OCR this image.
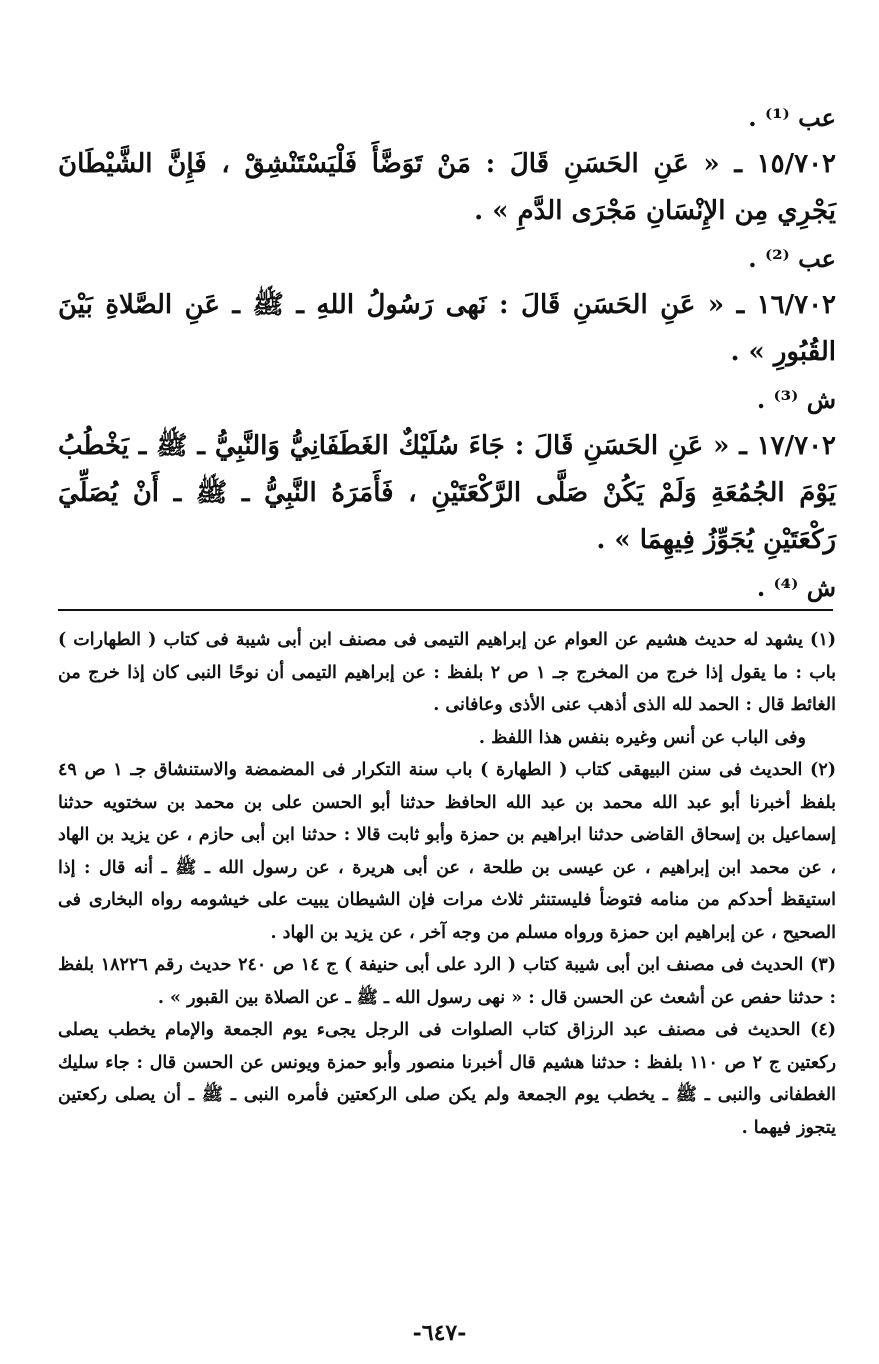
عب ⁽¹⁾ .

١٥/٧٠٢ ـ « عَنِ الحَسَنِ قَالَ : مَنْ تَوَضَّأَ فَلْيَسْتَنْشِقْ ، فَإِنَّ الشَّيْطَانَ يَجْرِي مِن الإِنْسَانِ مَجْرَى الدَّمِ » .

عب ⁽²⁾ .

١٦/٧٠٢ ـ « عَنِ الحَسَنِ قَالَ : نَهى رَسُولُ اللهِ ـ ﷺ ـ عَنِ الصَّلاةِ بَيْنَ القُبُورِ » .

ش ⁽³⁾ .

١٧/٧٠٢ ـ « عَنِ الحَسَنِ قَالَ : جَاءَ سُلَيْكٌ الغَطَفَانِيُّ وَالنَّبِيُّ ـ ﷺ ـ يَخْطُبُ يَوْمَ الجُمُعَةِ وَلَمْ يَكُنْ صَلَّى الرَّكْعَتَيْنِ ، فَأَمَرَهُ النَّبِيُّ ـ ﷺ ـ أَنْ يُصَلِّيَ رَكْعَتَيْنِ يُجَوِّزُ فِيهِمَا » .

ش ⁽⁴⁾ .

(١) يشهد له حديث هشيم عن العوام عن إبراهيم التيمى فى مصنف ابن أبى شيبة فى كتاب ( الطهارات ) باب : ما يقول إذا خرج من المخرج جـ ١ ص ٢ بلفظ : عن إبراهيم التيمى أن نوحًا النبى كان إذا خرج من الغائط قال : الحمد لله الذى أذهب عنى الأذى وعافانى .

وفى الباب عن أنس وغيره بنفس هذا اللفظ .

(٢) الحديث فى سنن البيهقى كتاب ( الطهارة ) باب سنة التكرار فى المضمضة والاستنشاق جـ ١ ص ٤٩ بلفظ أخبرنا أبو عبد الله محمد بن عبد الله الحافظ حدثنا أبو الحسن على بن محمد بن سختويه حدثنا إسماعيل بن إسحاق القاضى حدثنا ابراهيم بن حمزة وأبو ثابت قالا : حدثنا ابن أبى حازم ، عن يزيد بن الهاد ، عن محمد ابن إبراهيم ، عن عيسى بن طلحة ، عن أبى هريرة ، عن رسول الله ـ ﷺ ـ أنه قال : إذا استيقظ أحدكم من منامه فتوضأ فليستنثر ثلاث مرات فإن الشيطان يبيت على خيشومه رواه البخارى فى الصحيح ، عن إبراهيم ابن حمزة ورواه مسلم من وجه آخر ، عن يزيد بن الهاد .

(٣) الحديث فى مصنف ابن أبى شيبة كتاب ( الرد على أبى حنيفة ) ج ١٤ ص ٢٤٠ حديث رقم ١٨٢٢٦ بلفظ : حدثنا حفص عن أشعث عن الحسن قال : « نهى رسول الله ـ ﷺ ـ عن الصلاة بين القبور » .

(٤) الحديث فى مصنف عبد الرزاق كتاب الصلوات فى الرجل يجىء يوم الجمعة والإمام يخطب يصلى ركعتين ج ٢ ص ١١٠ بلفظ : حدثنا هشيم قال أخبرنا منصور وأبو حمزة ويونس عن الحسن قال : جاء سليك الغطفانى والنبى ـ ﷺ ـ يخطب يوم الجمعة ولم يكن صلى الركعتين فأمره النبى ـ ﷺ ـ أن يصلى ركعتين يتجوز فيهما .

-٦٤٧-
